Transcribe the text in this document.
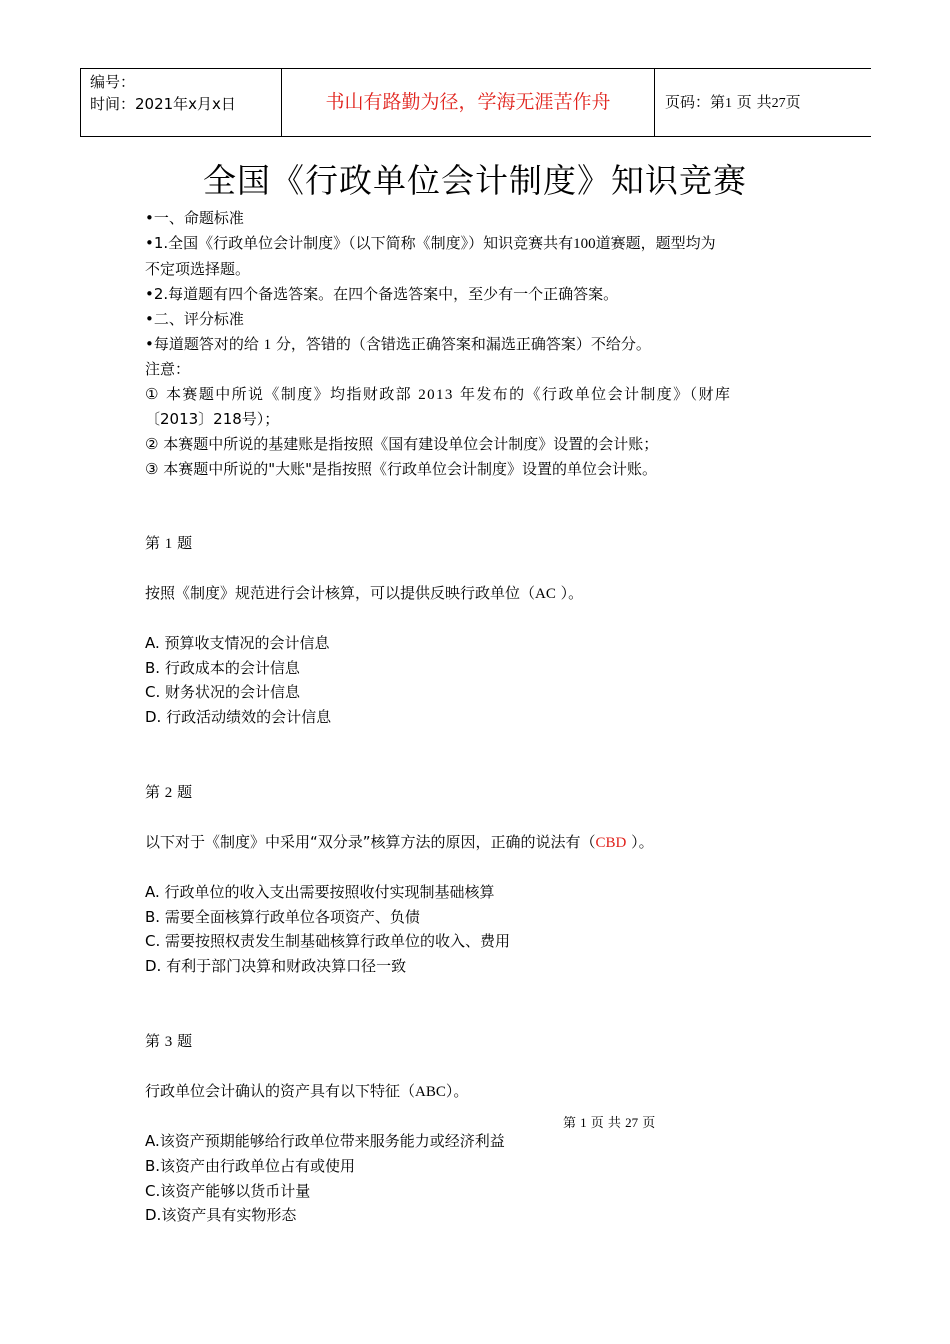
编号：
时间：2021年x月x日	书山有路勤为径，学海无涯苦作舟	页码：第1 页 共27页
全国《行政单位会计制度》知识竞赛
•一、命题标准
•1.全国《行政单位会计制度》（以下简称《制度》）知识竞赛共有100道赛题，题型均为
不定项选择题。
•2.每道题有四个备选答案。在四个备选答案中，至少有一个正确答案。
•二、评分标准
•每道题答对的给 1 分，答错的（含错选正确答案和漏选正确答案）不给分。
注意：
① 本赛题中所说《制度》均指财政部 2013 年发布的《行政单位会计制度》（财库
〔2013〕218号）；
② 本赛题中所说的基建账是指按照《国有建设单位会计制度》设置的会计账；
③ 本赛题中所说的"大账"是指按照《行政单位会计制度》设置的单位会计账。
第 1 题
按照《制度》规范进行会计核算，可以提供反映行政单位（AC ）。
A. 预算收支情况的会计信息
B. 行政成本的会计信息
C. 财务状况的会计信息
D. 行政活动绩效的会计信息
第 2 题
以下对于《制度》中采用“双分录”核算方法的原因，正确的说法有（CBD ）。
A. 行政单位的收入支出需要按照收付实现制基础核算
B. 需要全面核算行政单位各项资产、负债
C. 需要按照权责发生制基础核算行政单位的收入、费用
D. 有利于部门决算和财政决算口径一致
第 3 题
行政单位会计确认的资产具有以下特征（ABC）。
第 1 页 共 27 页
A.该资产预期能够给行政单位带来服务能力或经济利益
B.该资产由行政单位占有或使用
C.该资产能够以货币计量
D.该资产具有实物形态
